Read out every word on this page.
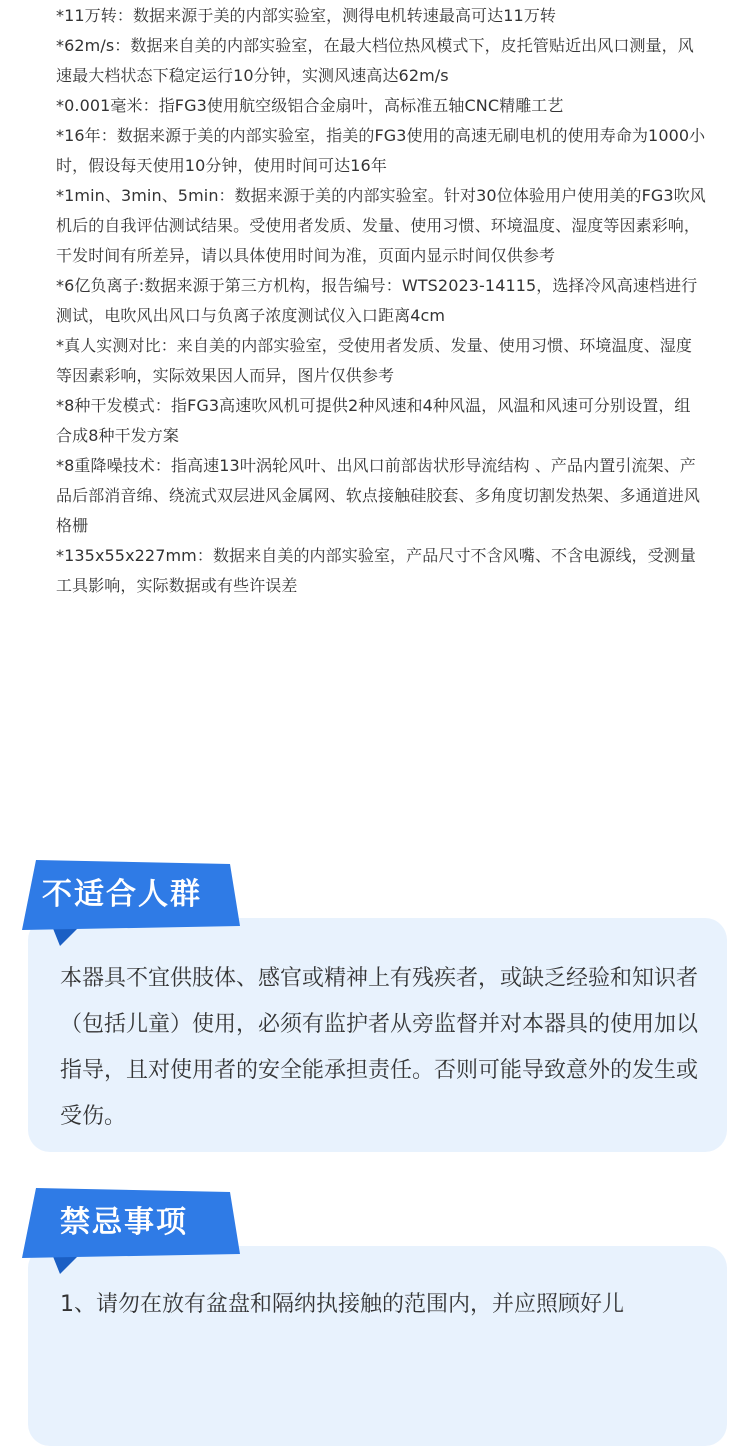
*11万转：数据来源于美的内部实验室，测得电机转速最高可达11万转
*62m/s：数据来自美的内部实验室，在最大档位热风模式下，皮托管贴近出风口测量，风速最大档状态下稳定运行10分钟，实测风速高达62m/s
*0.001毫米：指FG3使用航空级铝合金扇叶，高标准五轴CNC精雕工艺
*16年：数据来源于美的内部实验室，指美的FG3使用的高速无刷电机的使用寿命为1000小时，假设每天使用10分钟，使用时间可达16年
*1min、3min、5min：数据来源于美的内部实验室。针对30位体验用户使用美的FG3吹风机后的自我评估测试结果。受使用者发质、发量、使用习惯、环境温度、湿度等因素彩响，干发时间有所差异，请以具体使用时间为准，页面内显示时间仅供参考
*6亿负离子:数据来源于第三方机构，报告编号：WTS2023-14115，选择冷风高速档进行测试，电吹风出风口与负离子浓度测试仪入口距离4cm
*真人实测对比：来自美的内部实验室，受使用者发质、发量、使用习惯、环境温度、湿度等因素彩响，实际效果因人而异，图片仅供参考
*8种干发模式：指FG3高速吹风机可提供2种风速和4种风温，风温和风速可分别设置，组合成8种干发方案
*8重降噪技术：指高速13叶涡轮风叶、出风口前部齿状形导流结构 、产品内置引流架、产品后部消音绵、绕流式双层进风金属网、软点接触硅胶套、多角度切割发热架、多通道进风格栅
*135x55x227mm：数据来自美的内部实验室，产品尺寸不含风嘴、不含电源线，受测量工具影响，实际数据或有些许误差
不适合人群

本器具不宜供肢体、感官或精神上有残疾者，或缺乏经验和知识者（包括儿童）使用，必须有监护者从旁监督并对本器具的使用加以指导，且对使用者的安全能承担责任。否则可能导致意外的发生或受伤。

禁忌事项

1、请勿在放有盆盘和隔纳执接触的范围内，并应照顾好儿
